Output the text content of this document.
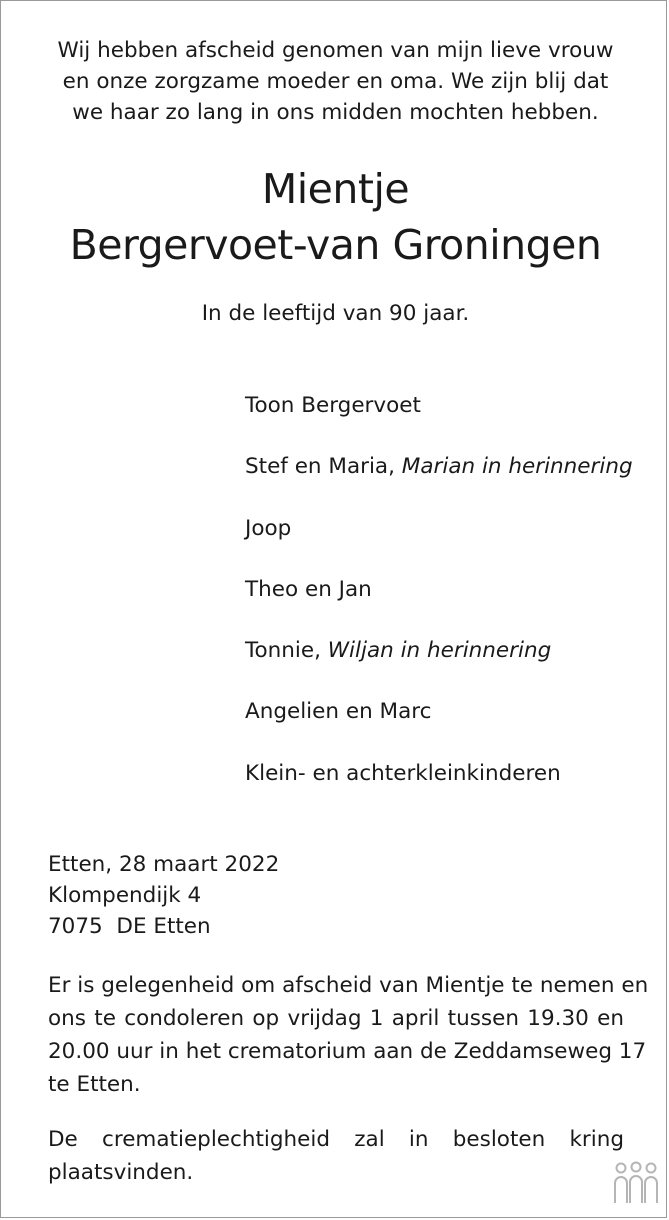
Wij hebben afscheid genomen van mijn lieve vrouw
en onze zorgzame moeder en oma. We zijn blij dat
we haar zo lang in ons midden mochten hebben.
Mientje
Bergervoet-van Groningen
In de leeftijd van 90 jaar.
Toon Bergervoet
Stef en Maria, Marian in herinnering
Joop
Theo en Jan
Tonnie, Wiljan in herinnering
Angelien en Marc
Klein- en achterkleinkinderen
Etten, 28 maart 2022
Klompendijk 4
7075  DE Etten
Er is gelegenheid om afscheid van Mientje te nemen en
ons te condoleren op vrijdag 1 april tussen 19.30 en
20.00 uur in het crematorium aan de Zeddamseweg 17
te Etten.
De crematieplechtigheid zal in besloten kring
plaatsvinden.
